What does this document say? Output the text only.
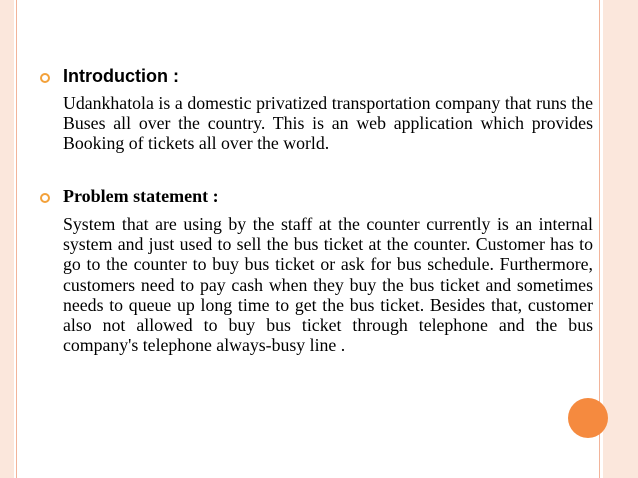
Introduction :

Udankhatola is a domestic privatized transportation company that runs the Buses all over the country. This is an web application which provides Booking of tickets all over the world.

Problem statement :

System that are using by the staff at the counter currently is an internal system and just used to sell the bus ticket at the counter. Customer has to go to the counter to buy bus ticket or ask for bus schedule. Furthermore, customers need to pay cash when they buy the bus ticket and sometimes needs to queue up long time to get the bus ticket. Besides that, customer also not allowed to buy bus ticket through telephone and the bus company's telephone always-busy line .
